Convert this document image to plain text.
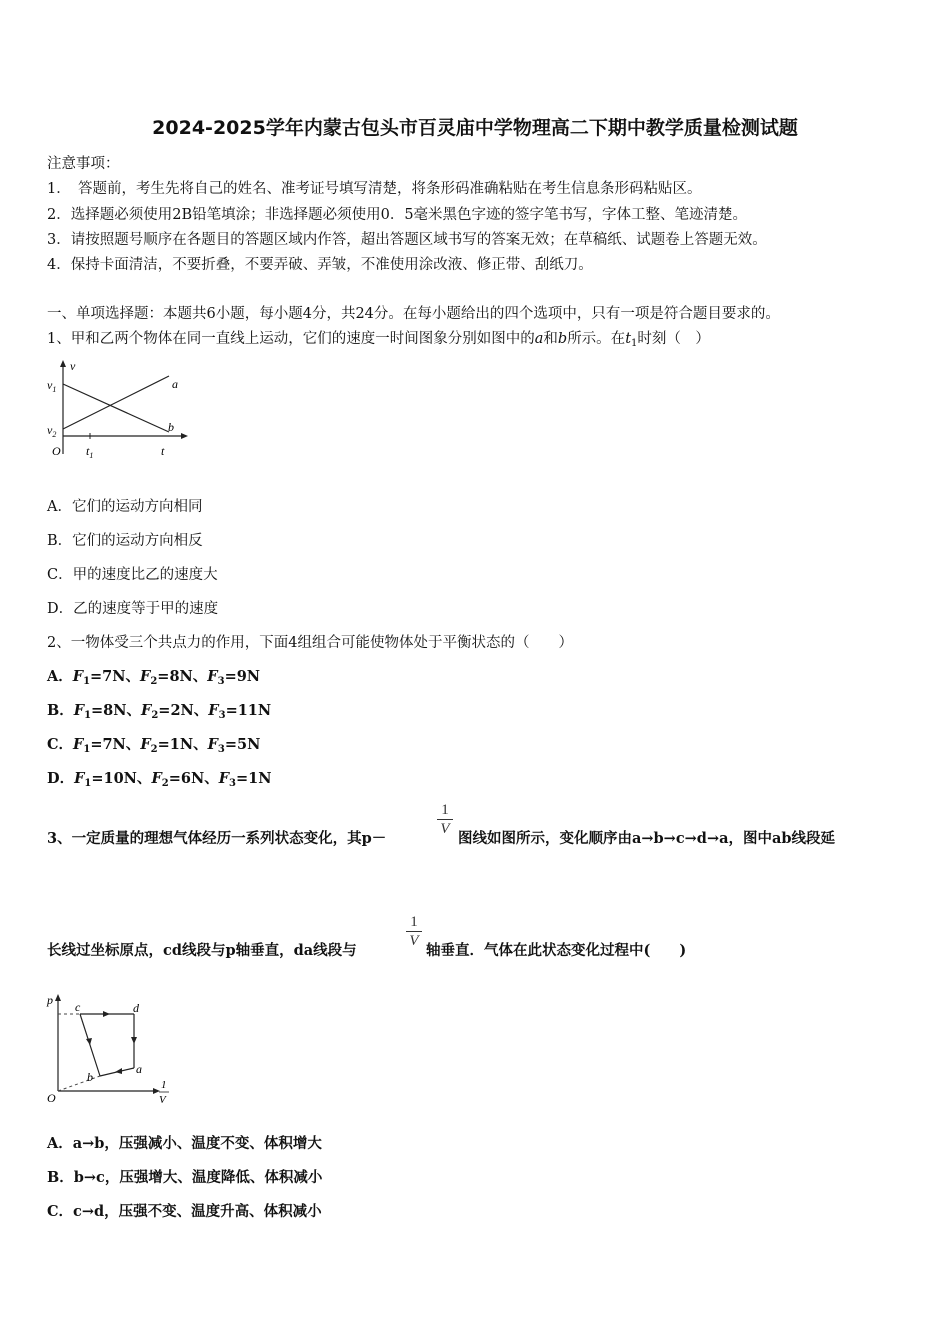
2024-2025学年内蒙古包头市百灵庙中学物理高二下期中教学质量检测试题
注意事项：
1．　答题前，考生先将自己的姓名、准考证号填写清楚，将条形码准确粘贴在考生信息条形码粘贴区。
2．选择题必须使用2B铅笔填涂；非选择题必须使用0．5毫米黑色字迹的签字笔书写，字体工整、笔迹清楚。
3．请按照题号顺序在各题目的答题区域内作答，超出答题区域书写的答案无效；在草稿纸、试题卷上答题无效。
4．保持卡面清洁，不要折叠，不要弄破、弄皱，不准使用涂改液、修正带、刮纸刀。
一、单项选择题：本题共6小题，每小题4分，共24分。在每小题给出的四个选项中，只有一项是符合题目要求的。
1、甲和乙两个物体在同一直线上运动，它们的速度一时间图象分别如图中的a和b所示。在$t_1$时刻（　）
v
$v_1$
$v_2$
O $t_1$	t
a
b
A．它们的运动方向相同
B．它们的运动方向相反
C．甲的速度比乙的速度大
D．乙的速度等于甲的速度
2、一物体受三个共点力的作用，下面4组组合可能使物体处于平衡状态的（　　）
A．$F_1=7N$、$F_2=8N$、$F_3=9N$
B．$F_1=8N$、$F_2=2N$、$F_3=11N$
C．$F_1=7N$、$F_2=1N$、$F_3=5N$
D．$F_1=10N$、$F_2=6N$、$F_3=1N$
1
V
3、一定质量的理想气体经历一系列状态变化，其p－	图线如图所示，变化顺序由a→b→c→d→a，图中ab线段延
1
V
长线过坐标原点，cd线段与p轴垂直，da线段与	轴垂直．气体在此状态变化过程中(　　)
p
O
c	d
a
b
1
V
A．a→b，压强减小、温度不变、体积增大
B．b→c，压强增大、温度降低、体积减小
C．c→d，压强不变、温度升高、体积减小
